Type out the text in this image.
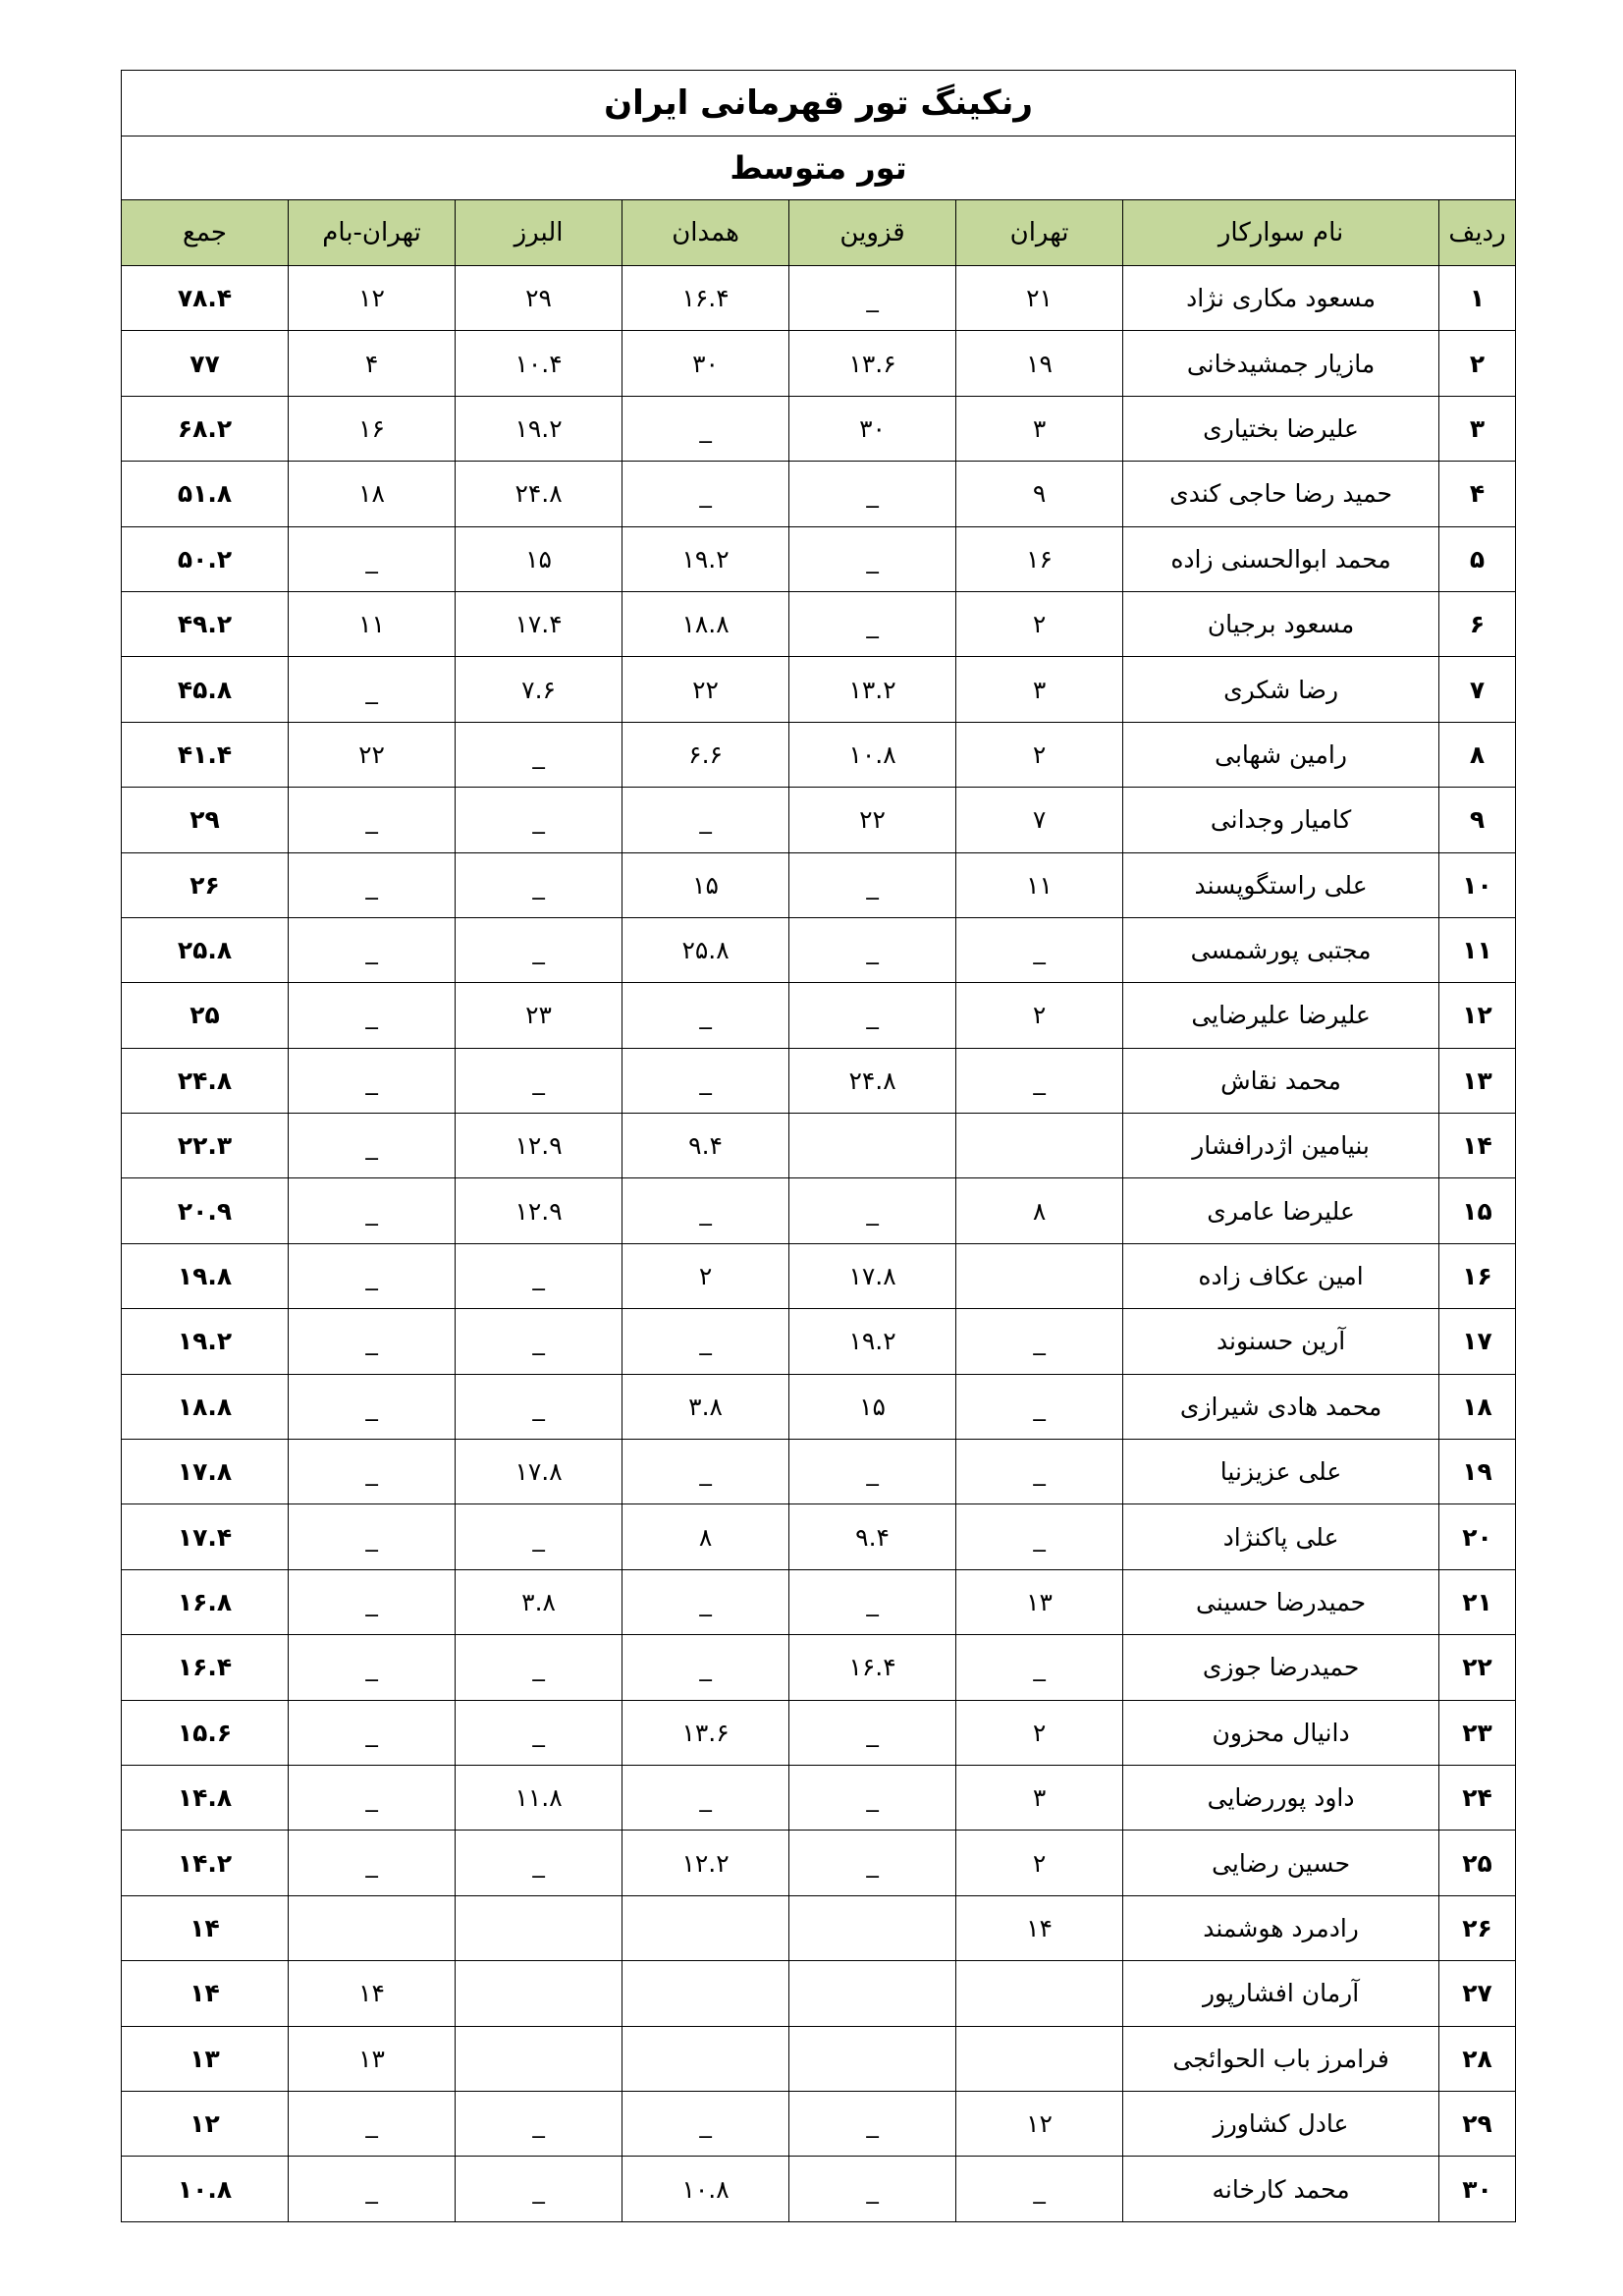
رنکینگ تور قهرمانی ایران							
تور متوسط							
ردیف	نام سوارکار	تهران	قزوین	همدان	البرز	تهران-بام	جمع
۱	مسعود مکاری نژاد	۲۱	_	۱۶.۴	۲۹	۱۲	۷۸.۴
۲	مازیار جمشیدخانی	۱۹	۱۳.۶	۳۰	۱۰.۴	۴	۷۷
۳	علیرضا بختیاری	۳	۳۰	_	۱۹.۲	۱۶	۶۸.۲
۴	حمید رضا حاجی کندی	۹	_	_	۲۴.۸	۱۸	۵۱.۸
۵	محمد ابوالحسنی زاده	۱۶	_	۱۹.۲	۱۵	_	۵۰.۲
۶	مسعود برجیان	۲	_	۱۸.۸	۱۷.۴	۱۱	۴۹.۲
۷	رضا شکری	۳	۱۳.۲	۲۲	۷.۶	_	۴۵.۸
۸	رامین شهابی	۲	۱۰.۸	۶.۶	_	۲۲	۴۱.۴
۹	کامیار وجدانی	۷	۲۲	_	_	_	۲۹
۱۰	علی راستگوپسند	۱۱	_	۱۵	_	_	۲۶
۱۱	مجتبی پورشمسی	_	_	۲۵.۸	_	_	۲۵.۸
۱۲	علیرضا علیرضایی	۲	_	_	۲۳	_	۲۵
۱۳	محمد نقاش	_	۲۴.۸	_	_	_	۲۴.۸
۱۴	بنیامین اژدرافشار			۹.۴	۱۲.۹	_	۲۲.۳
۱۵	علیرضا عامری	۸	_	_	۱۲.۹	_	۲۰.۹
۱۶	امین عکاف زاده		۱۷.۸	۲	_	_	۱۹.۸
۱۷	آرین حسنوند	_	۱۹.۲	_	_	_	۱۹.۲
۱۸	محمد هادی شیرازی	_	۱۵	۳.۸	_	_	۱۸.۸
۱۹	علی عزیزنیا	_	_	_	۱۷.۸	_	۱۷.۸
۲۰	علی پاکنژاد	_	۹.۴	۸	_	_	۱۷.۴
۲۱	حمیدرضا حسینی	۱۳	_	_	۳.۸	_	۱۶.۸
۲۲	حمیدرضا جوزی	_	۱۶.۴	_	_	_	۱۶.۴
۲۳	دانیال محزون	۲	_	۱۳.۶	_	_	۱۵.۶
۲۴	داود پوررضایی	۳	_	_	۱۱.۸	_	۱۴.۸
۲۵	حسین رضایی	۲	_	۱۲.۲	_	_	۱۴.۲
۲۶	رادمرد هوشمند	۱۴					۱۴
۲۷	آرمان افشارپور					۱۴	۱۴
۲۸	فرامرز باب الحوائجی					۱۳	۱۳
۲۹	عادل کشاورز	۱۲	_	_	_	_	۱۲
۳۰	محمد کارخانه	_	_	۱۰.۸	_	_	۱۰.۸
